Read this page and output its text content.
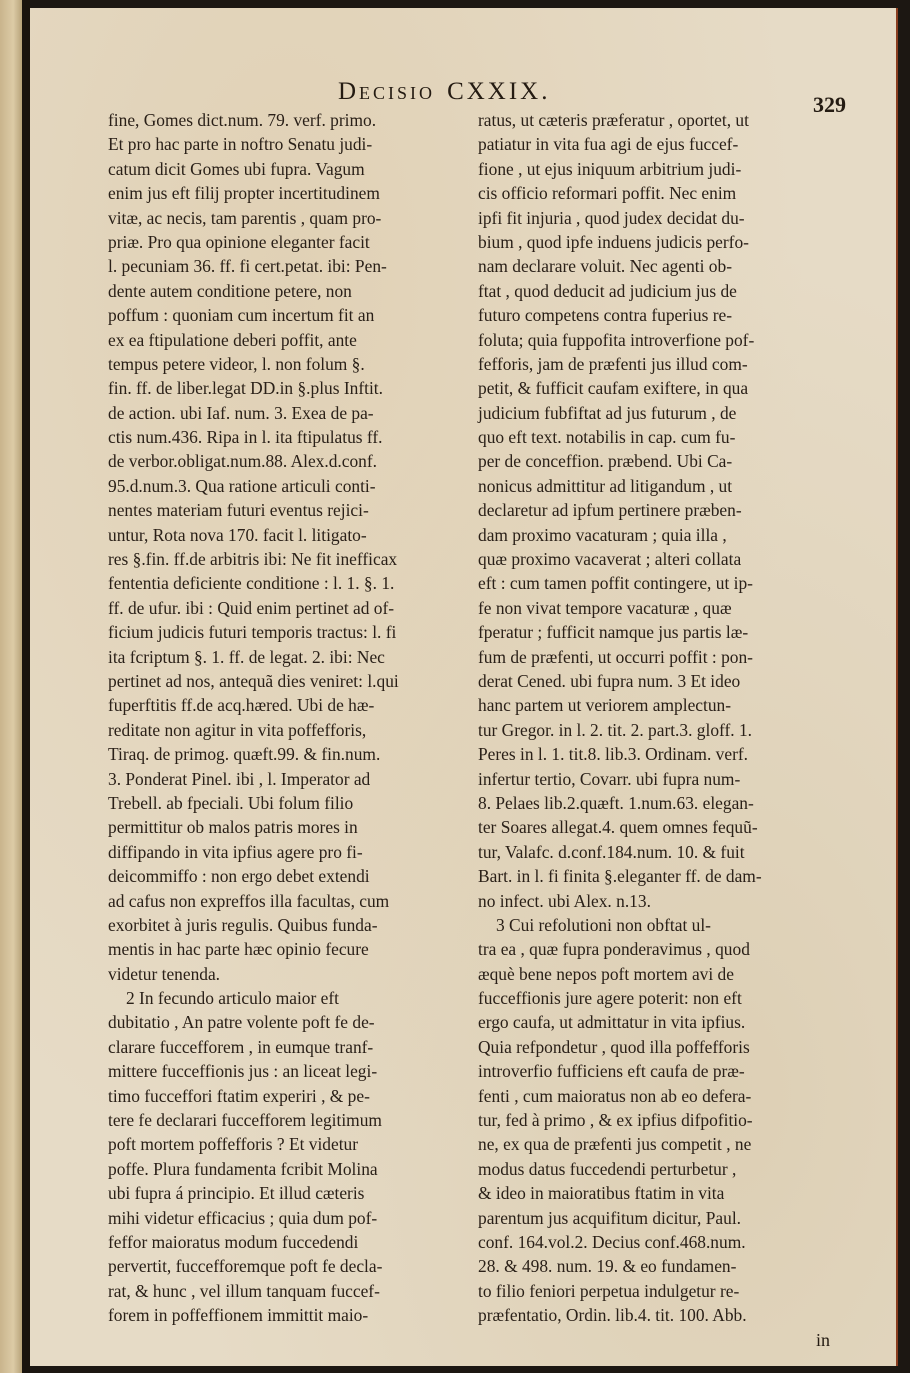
Decisio CXXIX.	329
fine, Gomes dict.num. 79. verf. primo.
Et pro hac parte in noftro Senatu judi-
catum dicit Gomes ubi fupra. Vagum
enim jus eft filij propter incertitudinem
vitæ, ac necis, tam parentis , quam pro-
priæ. Pro qua opinione eleganter facit
l. pecuniam 36. ff. fi cert.petat. ibi: Pen-
dente autem conditione petere, non
poffum : quoniam cum incertum fit an
ex ea ftipulatione deberi poffit, ante
tempus petere videor, l. non folum §.
fin. ff. de liber.legat DD.in §.plus Inftit.
de action. ubi Iaf. num. 3. Exea de pa-
ctis num.436. Ripa in l. ita ftipulatus ff.
de verbor.obligat.num.88. Alex.d.conf.
95.d.num.3. Qua ratione articuli conti-
nentes materiam futuri eventus rejici-
untur, Rota nova 170. facit l. litigato-
res §.fin. ff.de arbitris ibi: Ne fit inefficax
fententia deficiente conditione : l. 1. §. 1.
ff. de ufur. ibi : Quid enim pertinet ad of-
ficium judicis futuri temporis tractus: l. fi
ita fcriptum §. 1. ff. de legat. 2. ibi: Nec
pertinet ad nos, antequã dies veniret: l.qui
fuperftitis ff.de acq.hæred. Ubi de hæ-
reditate non agitur in vita poffefforis,
Tiraq. de primog. quæft.99. & fin.num.
3. Ponderat Pinel. ibi , l. Imperator ad
Trebell. ab fpeciali. Ubi folum filio
permittitur ob malos patris mores in
diffipando in vita ipfius agere pro fi-
deicommiffo : non ergo debet extendi
ad cafus non expreffos illa facultas, cum
exorbitet à juris regulis. Quibus funda-
mentis in hac parte hæc opinio fecure
videtur tenenda.
2 In fecundo articulo maior eft
dubitatio , An patre volente poft fe de-
clarare fuccefforem , in eumque tranf-
mittere fucceffionis jus : an liceat legi-
timo fucceffori ftatim experiri , & pe-
tere fe declarari fuccefforem legitimum
poft mortem poffefforis ? Et videtur
poffe. Plura fundamenta fcribit Molina
ubi fupra á principio. Et illud cæteris
mihi videtur efficacius ; quia dum pof-
feffor maioratus modum fuccedendi
pervertit, fuccefforemque poft fe decla-
rat, & hunc , vel illum tanquam fuccef-
forem in poffeffionem immittit maio-
ratus, ut cæteris præferatur , oportet, ut
patiatur in vita fua agi de ejus fuccef-
fione , ut ejus iniquum arbitrium judi-
cis officio reformari poffit. Nec enim
ipfi fit injuria , quod judex decidat du-
bium , quod ipfe induens judicis perfo-
nam declarare voluit. Nec agenti ob-
ftat , quod deducit ad judicium jus de
futuro competens contra fuperius re-
foluta; quia fuppofita introverfione pof-
fefforis, jam de præfenti jus illud com-
petit, & fufficit caufam exiftere, in qua
judicium fubfiftat ad jus futurum , de
quo eft text. notabilis in cap. cum fu-
per de conceffion. præbend. Ubi Ca-
nonicus admittitur ad litigandum , ut
declaretur ad ipfum pertinere præben-
dam proximo vacaturam ; quia illa ,
quæ proximo vacaverat ; alteri collata
eft : cum tamen poffit contingere, ut ip-
fe non vivat tempore vacaturæ , quæ
fperatur ; fufficit namque jus partis læ-
fum de præfenti, ut occurri poffit : pon-
derat Cened. ubi fupra num. 3 Et ideo
hanc partem ut veriorem amplectun-
tur Gregor. in l. 2. tit. 2. part.3. gloff. 1.
Peres in l. 1. tit.8. lib.3. Ordinam. verf.
infertur tertio, Covarr. ubi fupra num-
8. Pelaes lib.2.quæft. 1.num.63. elegan-
ter Soares allegat.4. quem omnes fequũ-
tur, Valafc. d.conf.184.num. 10. & fuit
Bart. in l. fi finita §.eleganter ff. de dam-
no infect. ubi Alex. n.13.
3 Cui refolutioni non obftat ul-
tra ea , quæ fupra ponderavimus , quod
æquè bene nepos poft mortem avi de
fucceffionis jure agere poterit: non eft
ergo caufa, ut admittatur in vita ipfius.
Quia refpondetur , quod illa poffefforis
introverfio fufficiens eft caufa de præ-
fenti , cum maioratus non ab eo defera-
tur, fed à primo , & ex ipfius difpofitio-
ne, ex qua de præfenti jus competit , ne
modus datus fuccedendi perturbetur ,
& ideo in maioratibus ftatim in vita
parentum jus acquifitum dicitur, Paul.
conf. 164.vol.2. Decius conf.468.num.
28. & 498. num. 19. & eo fundamen-
to filio feniori perpetua indulgetur re-
præfentatio, Ordin. lib.4. tit. 100. Abb.
in
